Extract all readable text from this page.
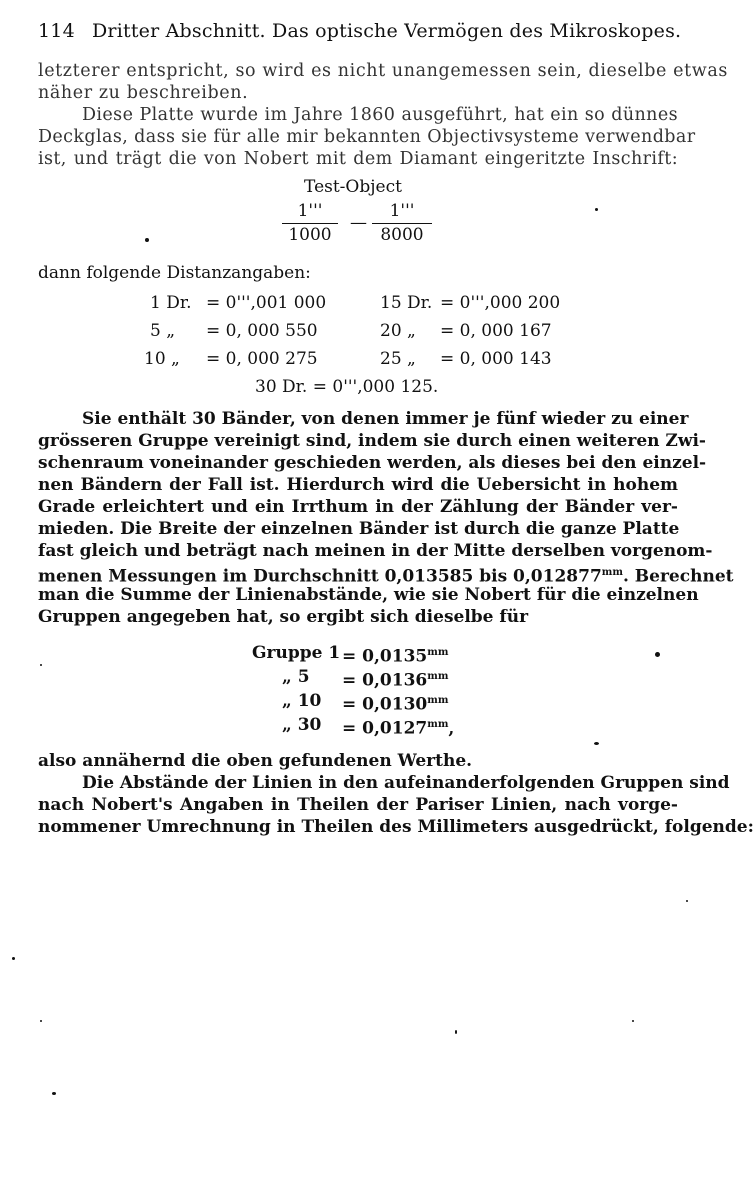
114 Dritter Abschnitt. Das optische Vermögen des Mikroskopes.
letzterer entspricht, so wird es nicht unangemessen sein, dieselbe etwas
näher zu beschreiben.
Diese Platte wurde im Jahre 1860 ausgeführt, hat ein so dünnes
Deckglas, dass sie für alle mir bekannten Objectivsysteme verwendbar
ist, und trägt die von Nobert mit dem Diamant eingeritzte Inschrift:
Test-Object
$\frac{1'''}{1000}$ — $\frac{1'''}{8000}$
dann folgende Distanzangaben:
1 Dr. = 0''',001 000
5 „ = 0, 000 550
10 „ = 0, 000 275
15 Dr. = 0''',000 200
20 „ = 0, 000 167
25 „ = 0, 000 143
30 Dr. = 0''',000 125.
Sie enthält 30 Bänder, von denen immer je fünf wieder zu einer
grösseren Gruppe vereinigt sind, indem sie durch einen weiteren Zwi-
schenraum voneinander geschieden werden, als dieses bei den einzel-
nen Bändern der Fall ist. Hierdurch wird die Uebersicht in hohem
Grade erleichtert und ein Irrthum in der Zählung der Bänder ver-
mieden. Die Breite der einzelnen Bänder ist durch die ganze Platte
fast gleich und beträgt nach meinen in der Mitte derselben vorgenom-
menen Messungen im Durchschnitt 0,013585 bis $0,012877^{mm}$. Berechnet
man die Summe der Linienabstände, wie sie Nobert für die einzelnen
Gruppen angegeben hat, so ergibt sich dieselbe für
Gruppe $1 = 0,0135^{mm}$
„ $5 = 0,0136^{mm}$
„ $10 = 0,0130^{mm}$
„ $30 = 0,0127^{mm}$,
also annähernd die oben gefundenen Werthe.
Die Abstände der Linien in den aufeinanderfolgenden Gruppen sind
nach Nobert's Angaben in Theilen der Pariser Linien, nach vorge-
nommener Umrechnung in Theilen des Millimeters ausgedrückt, folgende:
